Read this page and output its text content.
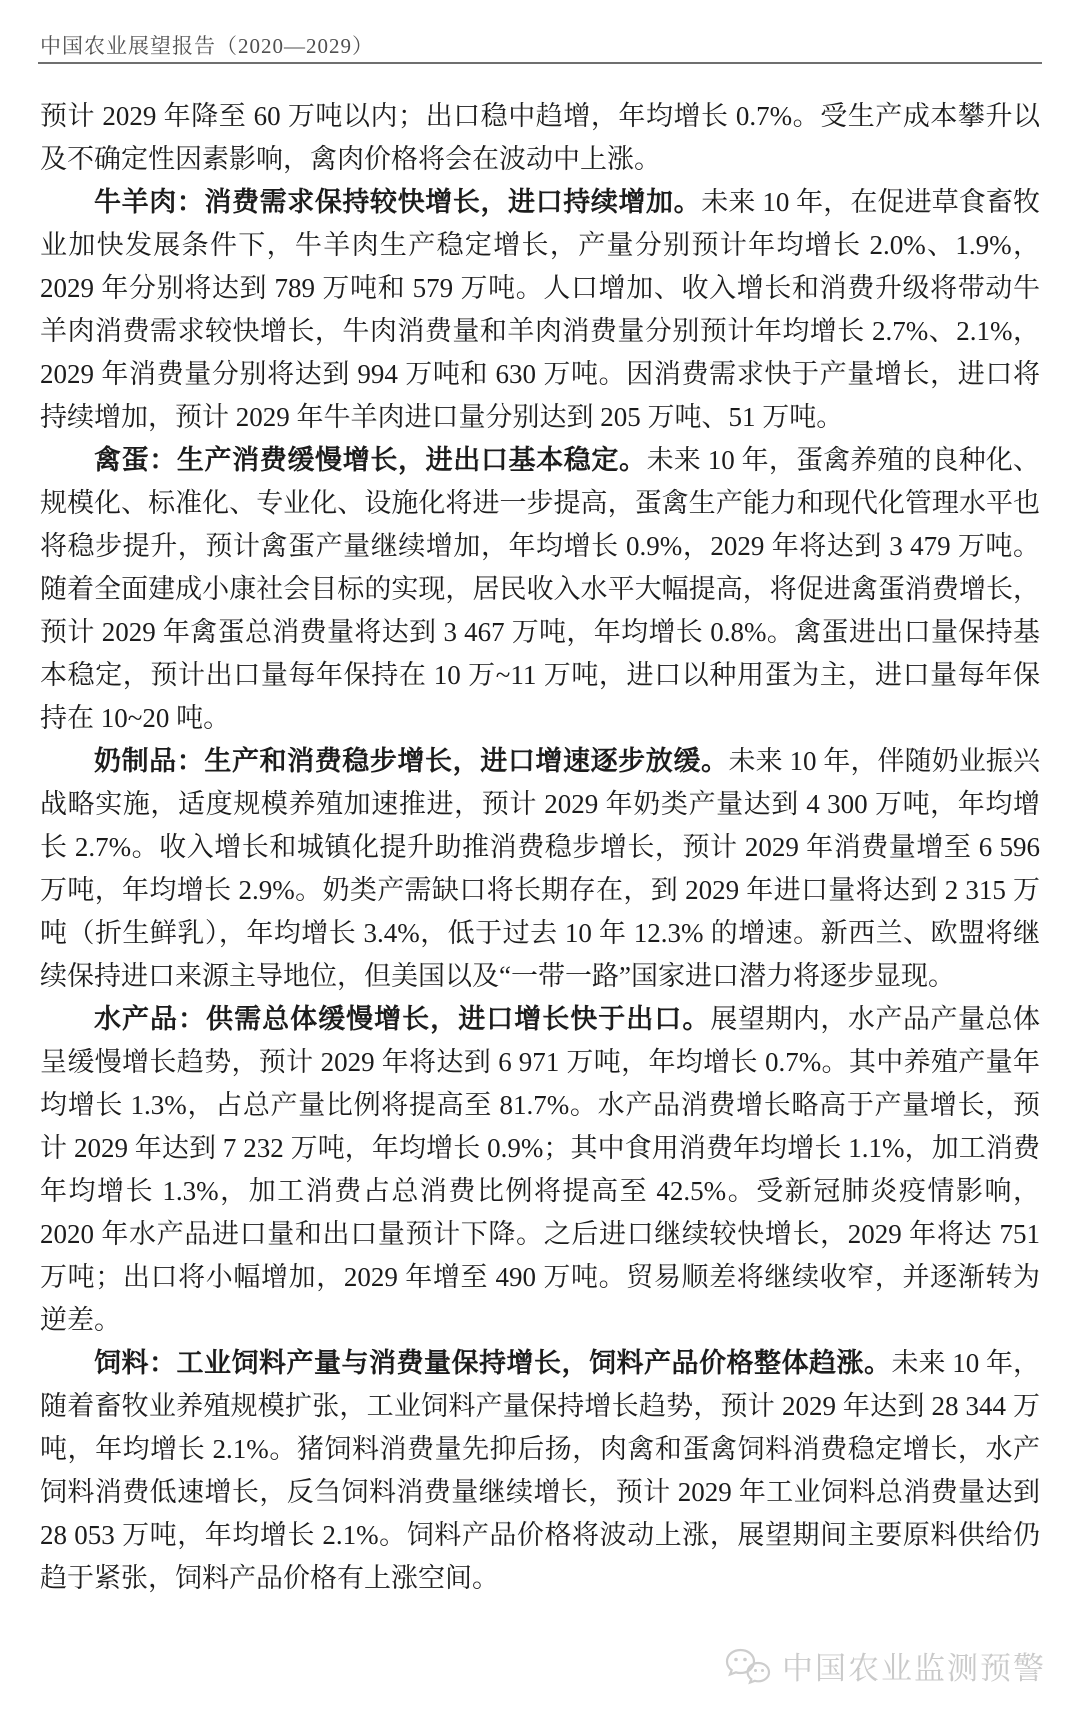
中国农业展望报告（2020—2029）

预计 2029 年降至 60 万吨以内；出口稳中趋增，年均增长 0.7%。受生产成本攀升以及不确定性因素影响，禽肉价格将会在波动中上涨。

牛羊肉：消费需求保持较快增长，进口持续增加。未来 10 年，在促进草食畜牧业加快发展条件下，牛羊肉生产稳定增长，产量分别预计年均增长 2.0%、1.9%，2029 年分别将达到 789 万吨和 579 万吨。人口增加、收入增长和消费升级将带动牛羊肉消费需求较快增长，牛肉消费量和羊肉消费量分别预计年均增长 2.7%、2.1%，2029 年消费量分别将达到 994 万吨和 630 万吨。因消费需求快于产量增长，进口将持续增加，预计 2029 年牛羊肉进口量分别达到 205 万吨、51 万吨。

禽蛋：生产消费缓慢增长，进出口基本稳定。未来 10 年，蛋禽养殖的良种化、规模化、标准化、专业化、设施化将进一步提高，蛋禽生产能力和现代化管理水平也将稳步提升，预计禽蛋产量继续增加，年均增长 0.9%，2029 年将达到 3 479 万吨。随着全面建成小康社会目标的实现，居民收入水平大幅提高，将促进禽蛋消费增长，预计 2029 年禽蛋总消费量将达到 3 467 万吨，年均增长 0.8%。禽蛋进出口量保持基本稳定，预计出口量每年保持在 10 万~11 万吨，进口以种用蛋为主，进口量每年保持在 10~20 吨。

奶制品：生产和消费稳步增长，进口增速逐步放缓。未来 10 年，伴随奶业振兴战略实施，适度规模养殖加速推进，预计 2029 年奶类产量达到 4 300 万吨，年均增长 2.7%。收入增长和城镇化提升助推消费稳步增长，预计 2029 年消费量增至 6 596 万吨，年均增长 2.9%。奶类产需缺口将长期存在，到 2029 年进口量将达到 2 315 万吨（折生鲜乳），年均增长 3.4%，低于过去 10 年 12.3% 的增速。新西兰、欧盟将继续保持进口来源主导地位，但美国以及“一带一路”国家进口潜力将逐步显现。

水产品：供需总体缓慢增长，进口增长快于出口。展望期内，水产品产量总体呈缓慢增长趋势，预计 2029 年将达到 6 971 万吨，年均增长 0.7%。其中养殖产量年均增长 1.3%，占总产量比例将提高至 81.7%。水产品消费增长略高于产量增长，预计 2029 年达到 7 232 万吨，年均增长 0.9%；其中食用消费年均增长 1.1%，加工消费年均增长 1.3%，加工消费占总消费比例将提高至 42.5%。受新冠肺炎疫情影响，2020 年水产品进口量和出口量预计下降。之后进口继续较快增长，2029 年将达 751 万吨；出口将小幅增加，2029 年增至 490 万吨。贸易顺差将继续收窄，并逐渐转为逆差。

饲料：工业饲料产量与消费量保持增长，饲料产品价格整体趋涨。未来 10 年，随着畜牧业养殖规模扩张，工业饲料产量保持增长趋势，预计 2029 年达到 28 344 万吨，年均增长 2.1%。猪饲料消费量先抑后扬，肉禽和蛋禽饲料消费稳定增长，水产饲料消费低速增长，反刍饲料消费量继续增长，预计 2029 年工业饲料总消费量达到 28 053 万吨，年均增长 2.1%。饲料产品价格将波动上涨，展望期间主要原料供给仍趋于紧张，饲料产品价格有上涨空间。

中国农业监测预警
